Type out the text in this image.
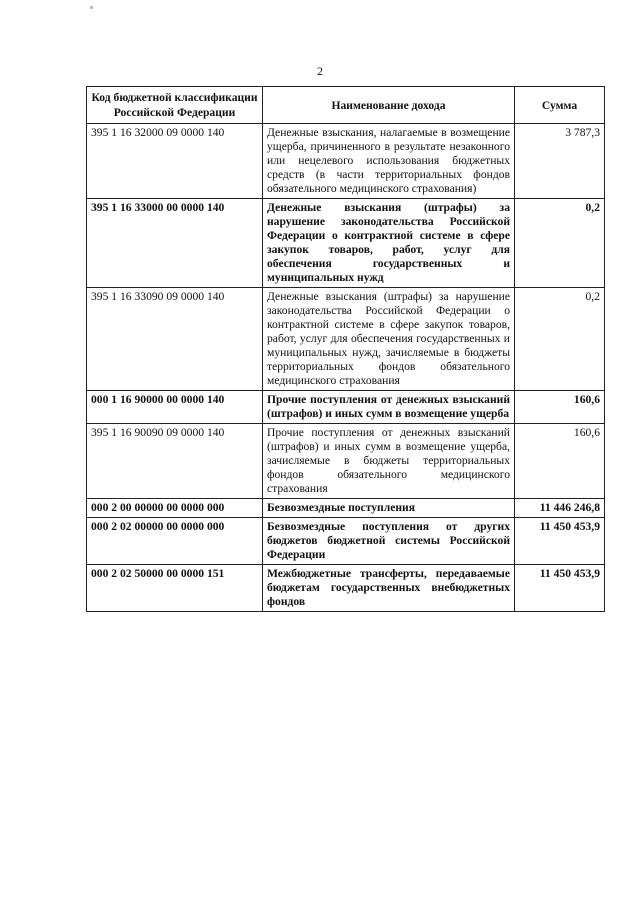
2
Код бюджетной классификации Российской Федерации	Наименование дохода	Сумма
395 1 16 32000 09 0000 140	Денежные взыскания, налагаемые в возмещение ущерба, причиненного в результате незаконного или нецелевого использования бюджетных средств (в части территориальных фондов обязательного медицинского страхования)	3 787,3
395 1 16 33000 00 0000 140	Денежные взыскания (штрафы) за нарушение законодательства Российской Федерации о контрактной системе в сфере закупок товаров, работ, услуг для обеспечения государственных и муниципальных нужд	0,2
395 1 16 33090 09 0000 140	Денежные взыскания (штрафы) за нарушение законодательства Российской Федерации о контрактной системе в сфере закупок товаров, работ, услуг для обеспечения государственных и муниципальных нужд, зачисляемые в бюджеты территориальных фондов обязательного медицинского страхования	0,2
000 1 16 90000 00 0000 140	Прочие поступления от денежных взысканий (штрафов) и иных сумм в возмещение ущерба	160,6
395 1 16 90090 09 0000 140	Прочие поступления от денежных взысканий (штрафов) и иных сумм в возмещение ущерба, зачисляемые в бюджеты территориальных фондов обязательного медицинского страхования	160,6
000 2 00 00000 00 0000 000	Безвозмездные поступления	11 446 246,8
000 2 02 00000 00 0000 000	Безвозмездные поступления от других бюджетов бюджетной системы Российской Федерации	11 450 453,9
000 2 02 50000 00 0000 151	Межбюджетные трансферты, передаваемые бюджетам государственных внебюджетных фондов	11 450 453,9
